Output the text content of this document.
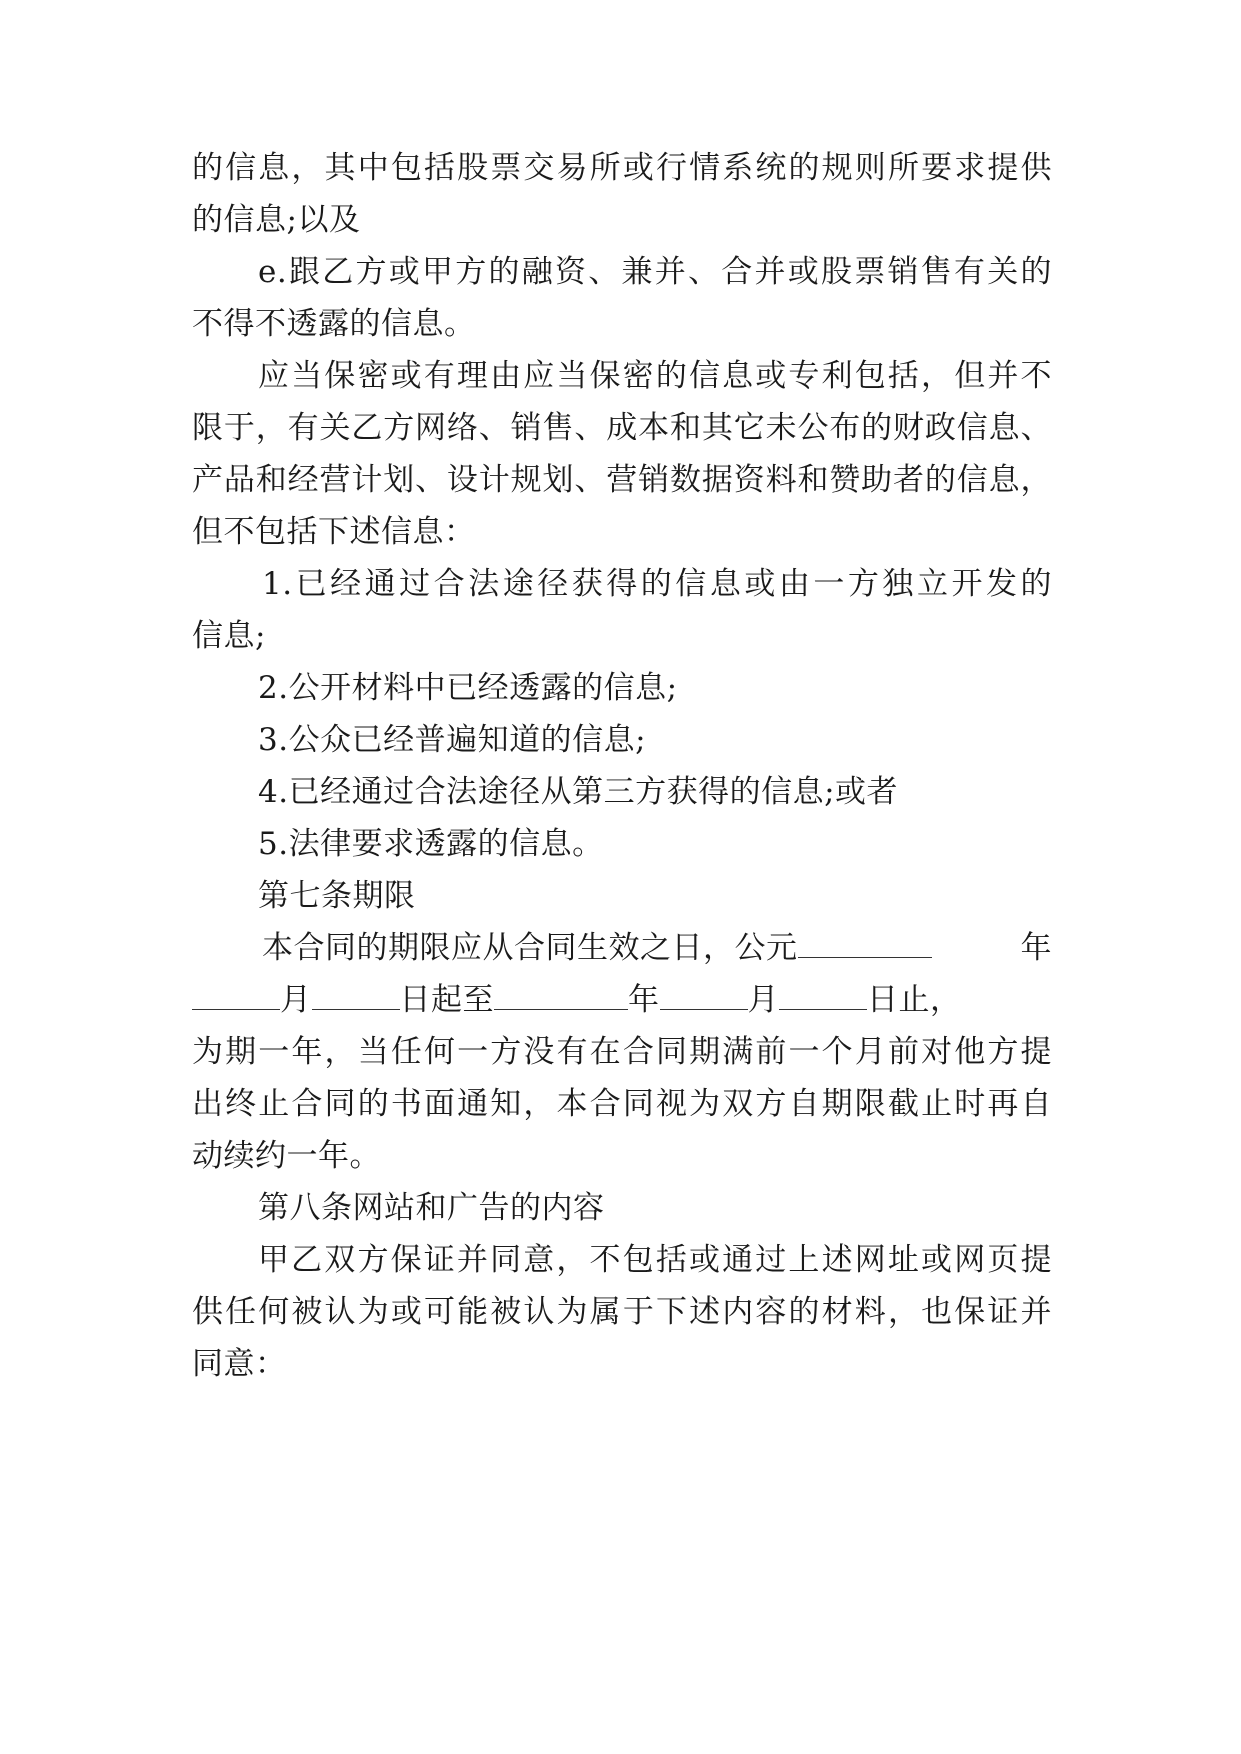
的信息，其中包括股票交易所或行情系统的规则所要求提供
的信息;以及
e.跟乙方或甲方的融资、兼并、合并或股票销售有关的
不得不透露的信息。
应当保密或有理由应当保密的信息或专利包括，但并不
限于，有关乙方网络、销售、成本和其它未公布的财政信息、
产品和经营计划、设计规划、营销数据资料和赞助者的信息，
但不包括下述信息：
1.已经通过合法途径获得的信息或由一方独立开发的
信息;
2.公开材料中已经透露的信息;
3.公众已经普遍知道的信息;
4.已经通过合法途径从第三方获得的信息;或者
5.法律要求透露的信息。
第七条期限
本合同的期限应从合同生效之日，公元	年
月	日起至	年	月	日止，
为期一年，当任何一方没有在合同期满前一个月前对他方提
出终止合同的书面通知，本合同视为双方自期限截止时再自
动续约一年。
第八条网站和广告的内容
甲乙双方保证并同意，不包括或通过上述网址或网页提
供任何被认为或可能被认为属于下述内容的材料，也保证并
同意：
